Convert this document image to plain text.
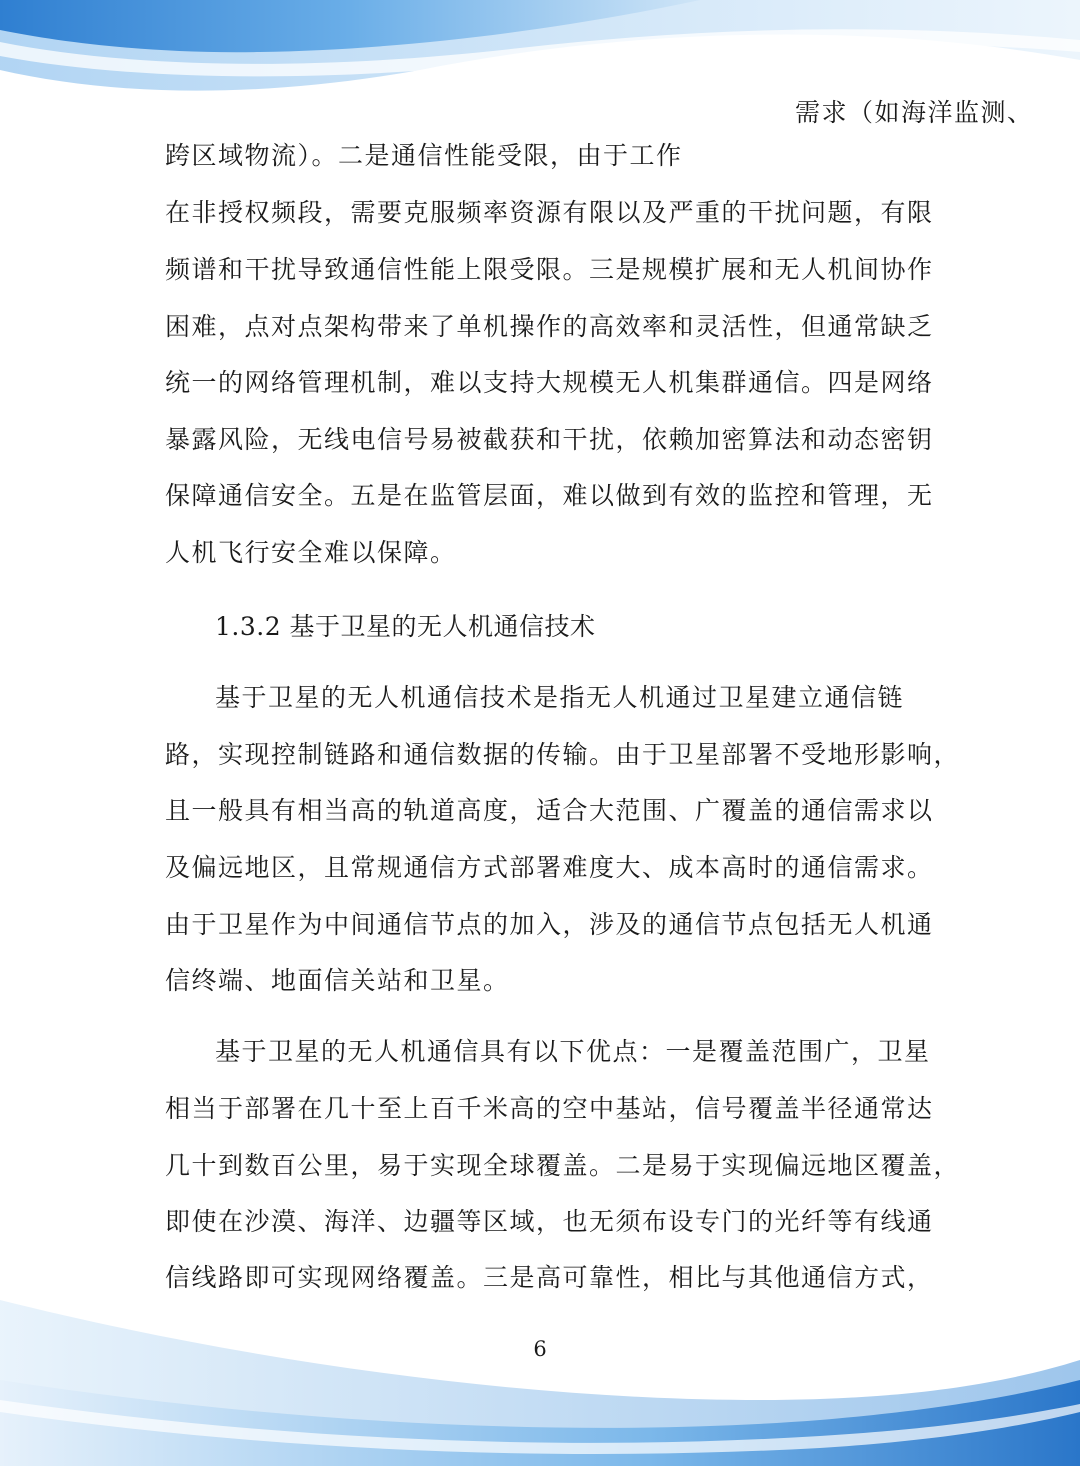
需求（如海洋监测、

跨区域物流）。二是通信性能受限，由于工作

在非授权频段，需要克服频率资源有限以及严重的干扰问题，有限

频谱和干扰导致通信性能上限受限。三是规模扩展和无人机间协作

困难，点对点架构带来了单机操作的高效率和灵活性，但通常缺乏

统一的网络管理机制，难以支持大规模无人机集群通信。四是网络

暴露风险，无线电信号易被截获和干扰，依赖加密算法和动态密钥

保障通信安全。五是在监管层面，难以做到有效的监控和管理，无

人机飞行安全难以保障。

1.3.2 基于卫星的无人机通信技术

基于卫星的无人机通信技术是指无人机通过卫星建立通信链

路，实现控制链路和通信数据的传输。由于卫星部署不受地形影响，

且一般具有相当高的轨道高度，适合大范围、广覆盖的通信需求以

及偏远地区，且常规通信方式部署难度大、成本高时的通信需求。

由于卫星作为中间通信节点的加入，涉及的通信节点包括无人机通

信终端、地面信关站和卫星。

基于卫星的无人机通信具有以下优点：一是覆盖范围广，卫星

相当于部署在几十至上百千米高的空中基站，信号覆盖半径通常达

几十到数百公里，易于实现全球覆盖。二是易于实现偏远地区覆盖，

即使在沙漠、海洋、边疆等区域，也无须布设专门的光纤等有线通

信线路即可实现网络覆盖。三是高可靠性，相比与其他通信方式，

6
